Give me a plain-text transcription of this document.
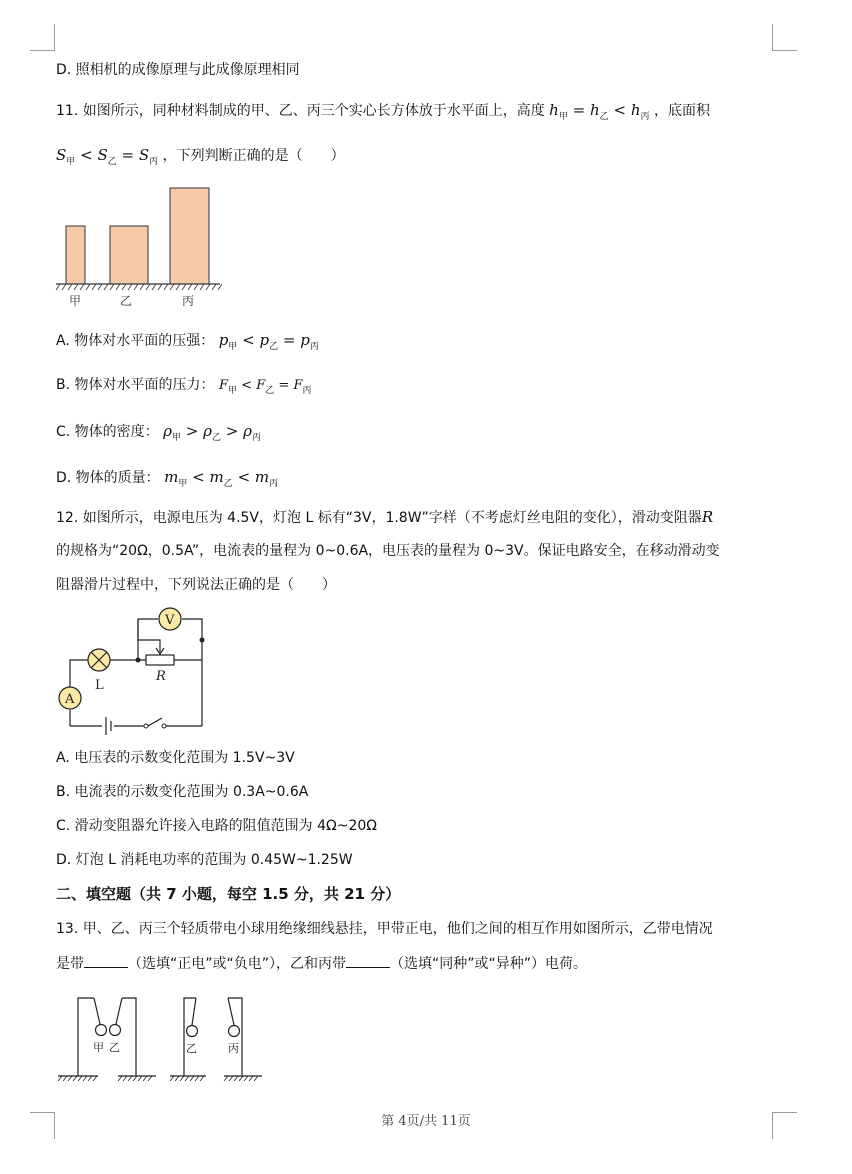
D. 照相机的成像原理与此成像原理相同
11. 如图所示，同种材料制成的甲、乙、丙三个实心长方体放于水平面上，高度 $h_甲 = h_乙 < h_丙$ ，底面积
$S_甲 < S_乙 = S_丙$ ，下列判断正确的是（　　）
甲	乙	丙
A. 物体对水平面的压强： $p_甲 < p_乙 = p_丙$
B. 物体对水平面的压力： $F_甲 < F_乙 = F_丙$
C. 物体的密度： $\rho_甲 > \rho_乙 > \rho_丙$
D. 物体的质量： $m_甲 < m_乙 < m_丙$
12. 如图所示，电源电压为 4.5V，灯泡 L 标有“3V，1.8W”字样（不考虑灯丝电阻的变化），滑动变阻器R
的规格为“20Ω，0.5A”，电流表的量程为 0~0.6A，电压表的量程为 0~3V。保证电路安全，在移动滑动变
阻器滑片过程中，下列说法正确的是（　　）
V
A
L
R
A. 电压表的示数变化范围为 1.5V~3V
B. 电流表的示数变化范围为 0.3A~0.6A
C. 滑动变阻器允许接入电路的阻值范围为 4Ω~20Ω
D. 灯泡 L 消耗电功率的范围为 0.45W~1.25W
二、填空题（共 7 小题，每空 1.5 分，共 21 分）
13. 甲、乙、丙三个轻质带电小球用绝缘细线悬挂，甲带正电，他们之间的相互作用如图所示，乙带电情况
是带	（选填“正电”或“负电”），乙和丙带	（选填“同种”或“异种”）电荷。
甲 乙	乙	丙
第 4页/共 11页
